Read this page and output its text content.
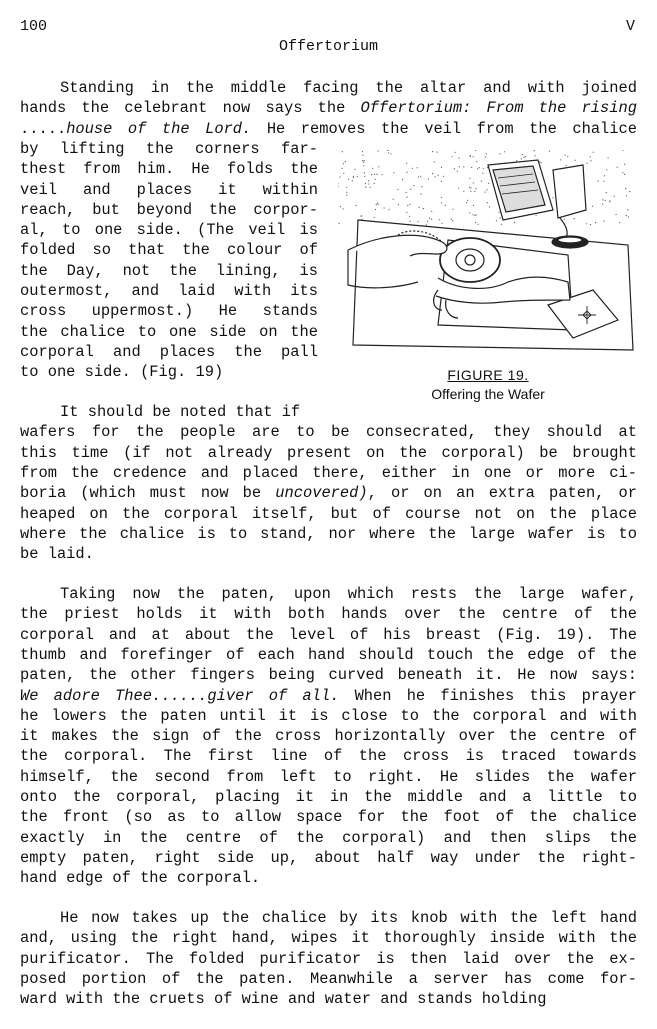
100	V
Offertorium
Standing in the middle facing the altar and with joined
hands the celebrant now says the Offertorium: From the rising
.....house of the Lord. He removes the veil from the chalice
by lifting the corners far-
thest from him. He folds the
veil and places it within
reach, but beyond the corpor-
al, to one side. (The veil is
folded so that the colour of
the Day, not the lining, is
outermost, and laid with its
cross uppermost.) He stands
the chalice to one side on the
corporal and places the pall
to one side. (Fig. 19)
It should be noted that if
wafers for the people are to be consecrated, they should at
this time (if not already present on the corporal) be brought
from the credence and placed there, either in one or more ci-
boria (which must now be uncovered), or on an extra paten, or
heaped on the corporal itself, but of course not on the place
where the chalice is to stand, nor where the large wafer is to
be laid.
Taking now the paten, upon which rests the large wafer,
the priest holds it with both hands over the centre of the
corporal and at about the level of his breast (Fig. 19). The
thumb and forefinger of each hand should touch the edge of the
paten, the other fingers being curved beneath it. He now says:
We adore Thee......giver of all. When he finishes this prayer
he lowers the paten until it is close to the corporal and with
it makes the sign of the cross horizontally over the centre of
the corporal. The first line of the cross is traced towards
himself, the second from left to right. He slides the wafer
onto the corporal, placing it in the middle and a little to
the front (so as to allow space for the foot of the chalice
exactly in the centre of the corporal) and then slips the
empty paten, right side up, about half way under the right-
hand edge of the corporal.
He now takes up the chalice by its knob with the left hand
and, using the right hand, wipes it thoroughly inside with the
purificator. The folded purificator is then laid over the ex-
posed portion of the paten. Meanwhile a server has come for-
ward with the cruets of wine and water and stands holding
FIGURE 19.
Offering the Wafer
